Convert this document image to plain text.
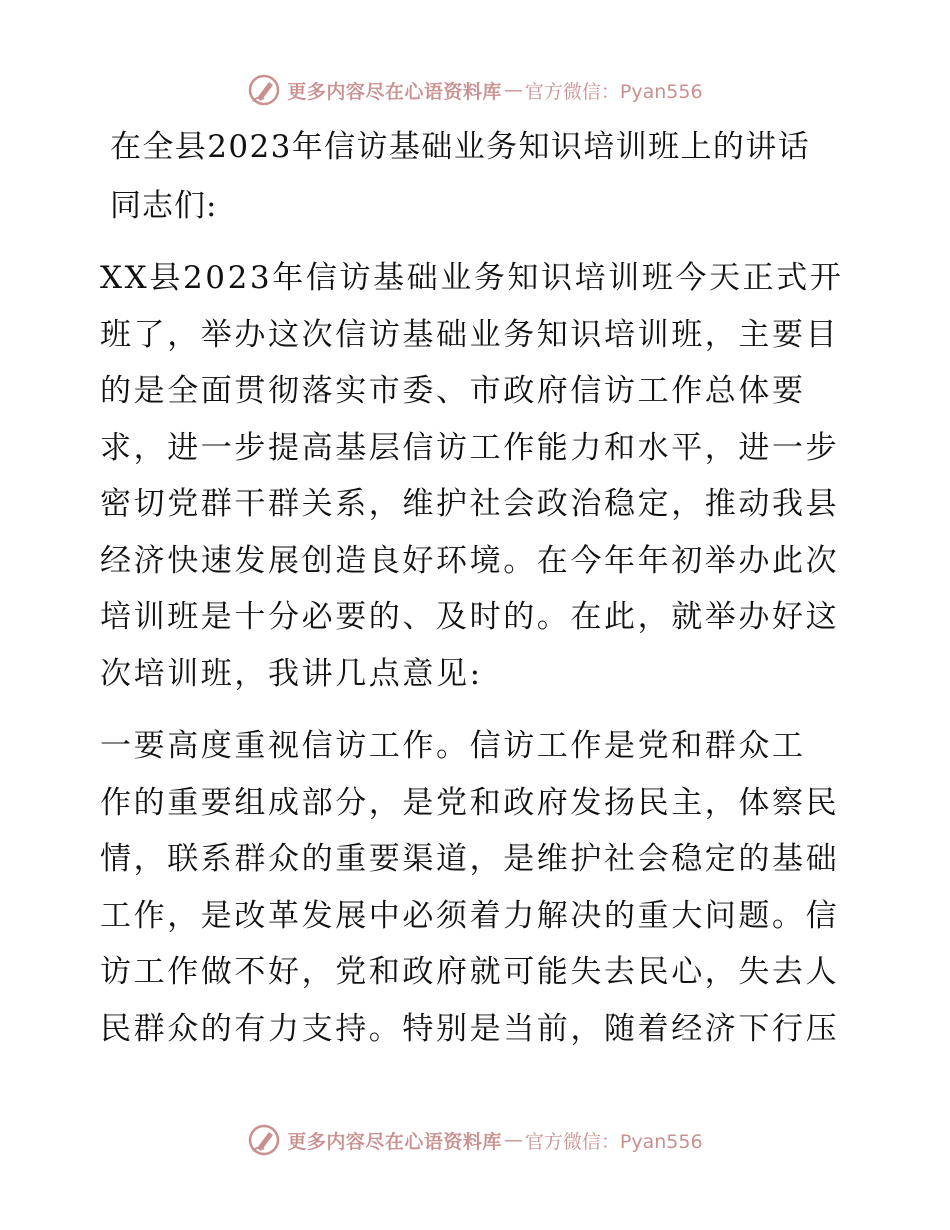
更多内容尽在心语资料库 — 官方微信：Pyan556
在全县2023年信访基础业务知识培训班上的讲话
同志们:
XX县2023年信访基础业务知识培训班今天正式开
班了，举办这次信访基础业务知识培训班，主要目
的是全面贯彻落实市委、市政府信访工作总体要
求，进一步提高基层信访工作能力和水平，进一步
密切党群干群关系，维护社会政治稳定，推动我县
经济快速发展创造良好环境。在今年年初举办此次
培训班是十分必要的、及时的。在此，就举办好这
次培训班，我讲几点意见:
一要高度重视信访工作。信访工作是党和群众工
作的重要组成部分，是党和政府发扬民主，体察民
情，联系群众的重要渠道，是维护社会稳定的基础
工作，是改革发展中必须着力解决的重大问题。信
访工作做不好，党和政府就可能失去民心，失去人
民群众的有力支持。特别是当前，随着经济下行压
更多内容尽在心语资料库 — 官方微信：Pyan556
